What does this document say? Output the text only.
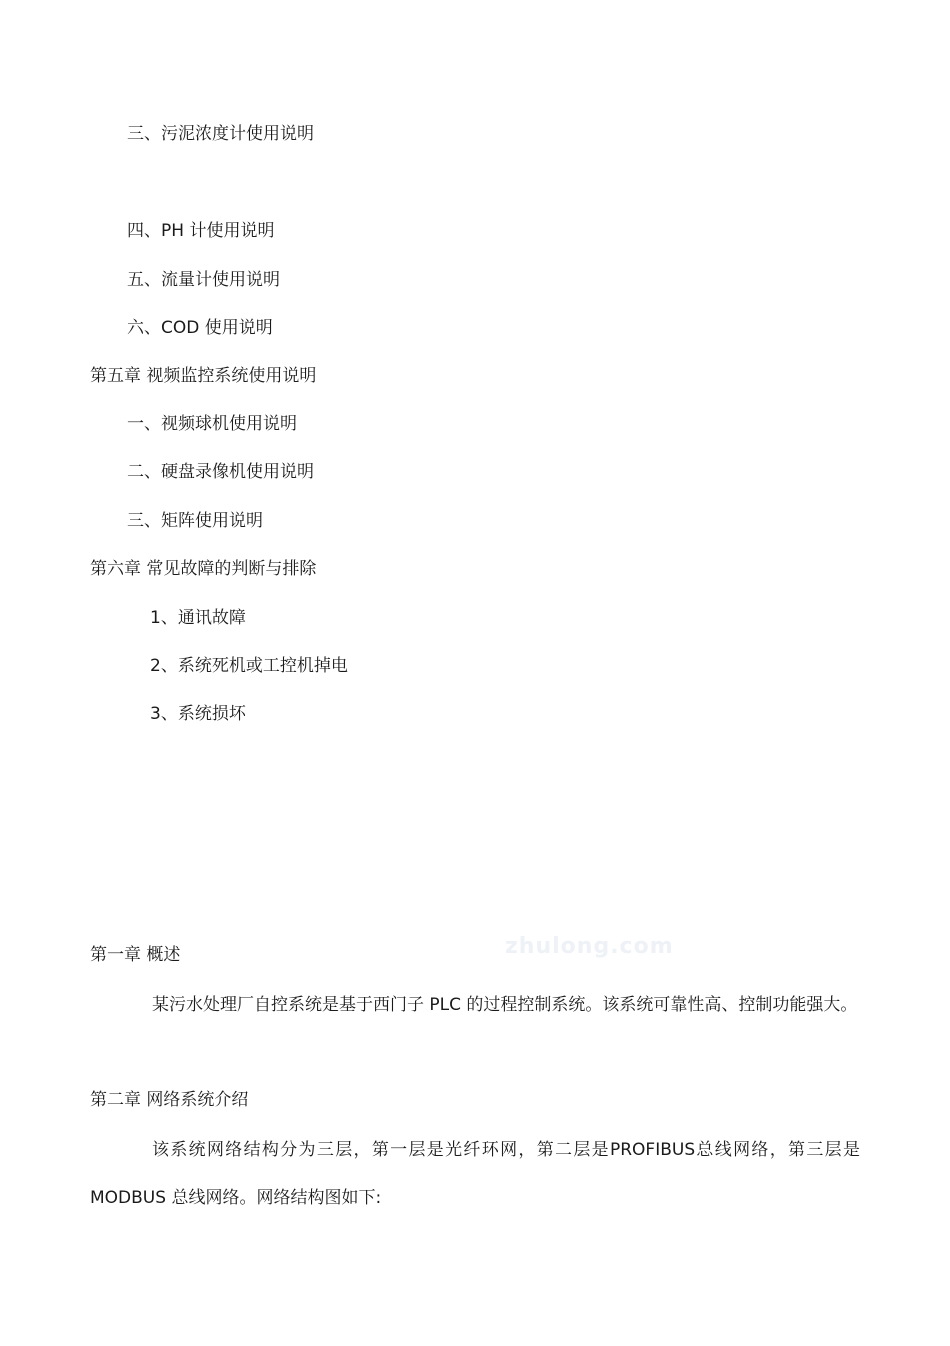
三、污泥浓度计使用说明
四、PH 计使用说明
五、流量计使用说明
六、COD 使用说明
第五章 视频监控系统使用说明
一、视频球机使用说明
二、硬盘录像机使用说明
三、矩阵使用说明
第六章 常见故障的判断与排除
1、通讯故障
2、系统死机或工控机掉电
3、系统损坏
zhulong.com
第一章 概述

某污水处理厂自控系统是基于西门子 PLC 的过程控制系统。该系统可靠性高、控制功能强大。

第二章 网络系统介绍

该系统网络结构分为三层，第一层是光纤环网，第二层是PROFIBUS总线网络，第三层是MODBUS 总线网络。网络结构图如下:
